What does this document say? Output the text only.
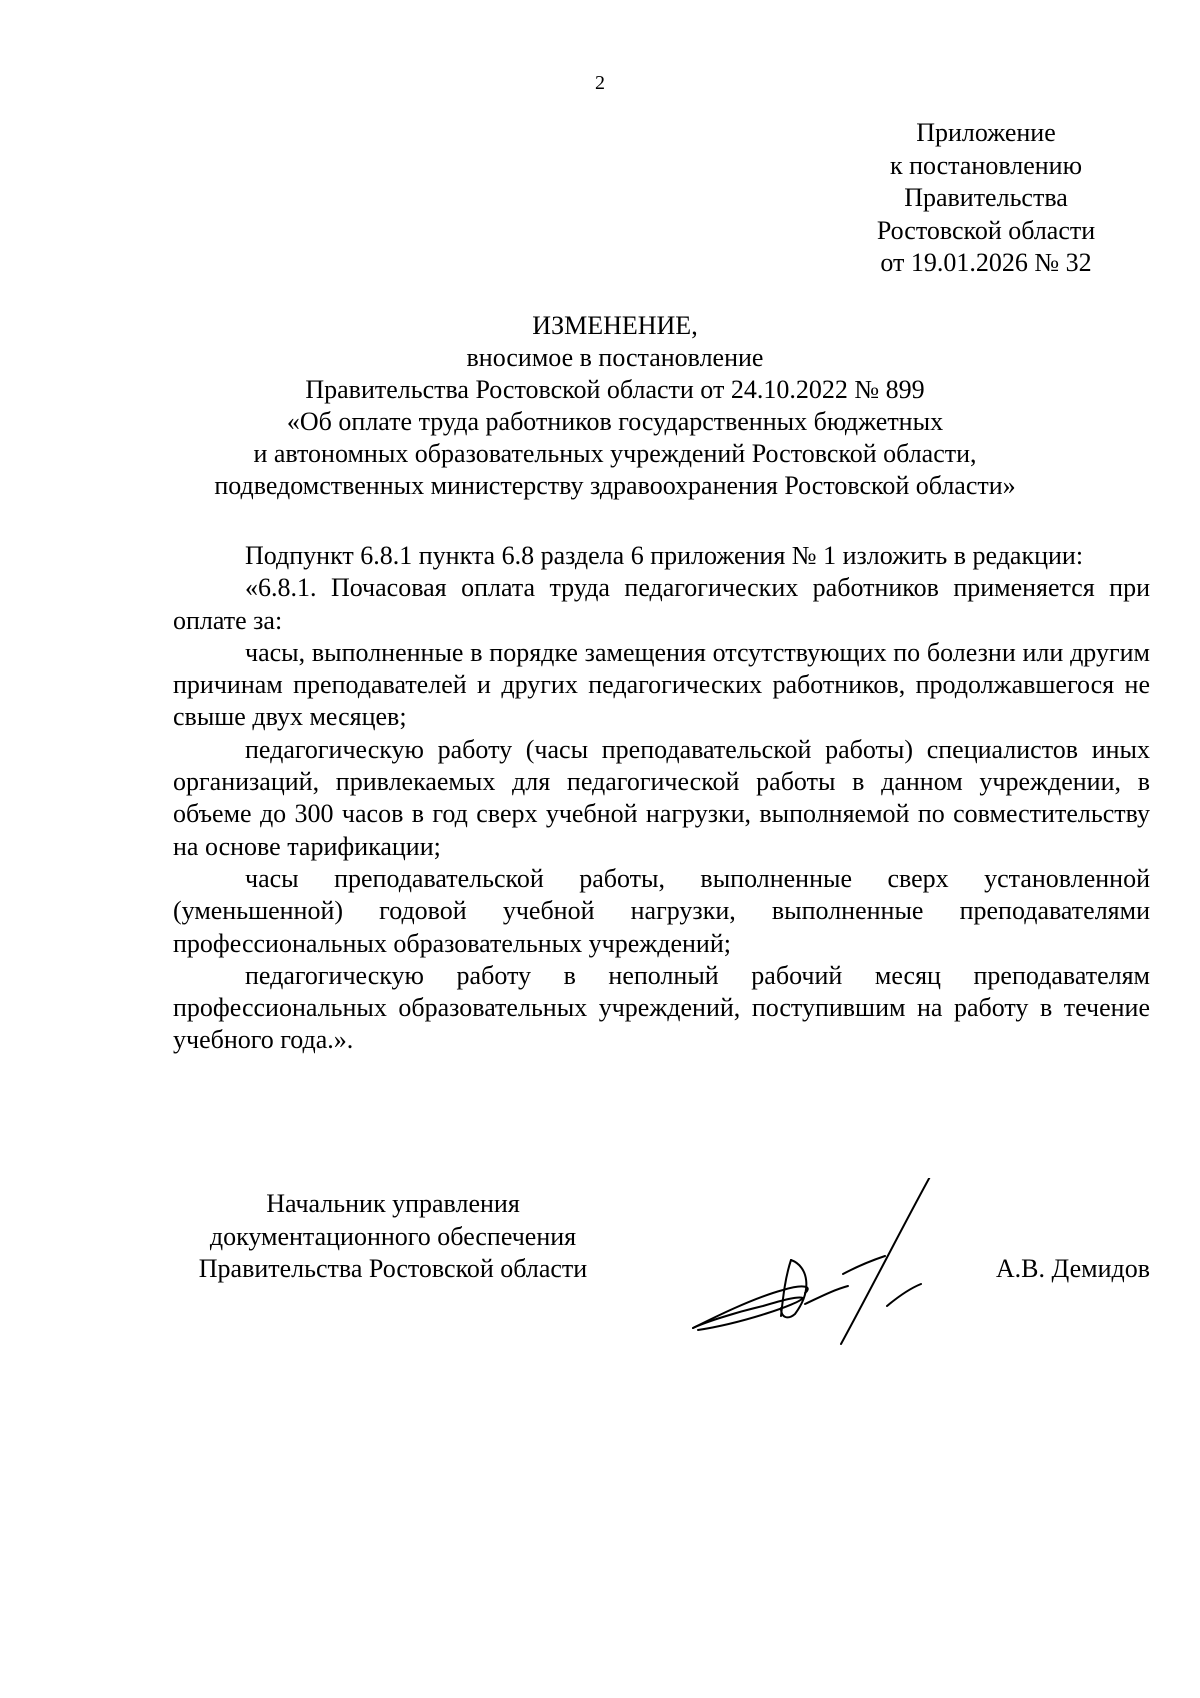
2
Приложение
к постановлению
Правительства
Ростовской области
от 19.01.2026 № 32
ИЗМЕНЕНИЕ,
вносимое в постановление
Правительства Ростовской области от 24.10.2022 № 899
«Об оплате труда работников государственных бюджетных
и автономных образовательных учреждений Ростовской области,
подведомственных министерству здравоохранения Ростовской области»

Подпункт 6.8.1 пункта 6.8 раздела 6 приложения № 1 изложить в редакции:

«6.8.1. Почасовая оплата труда педагогических работников применяется при оплате за:

часы, выполненные в порядке замещения отсутствующих по болезни или другим причинам преподавателей и других педагогических работников, продолжавшегося не свыше двух месяцев;

педагогическую работу (часы преподавательской работы) специалистов иных организаций, привлекаемых для педагогической работы в данном учреждении, в объеме до 300 часов в год сверх учебной нагрузки, выполняемой по совместительству на основе тарификации;

часы преподавательской работы, выполненные сверх установленной (уменьшенной) годовой учебной нагрузки, выполненные преподавателями профессиональных образовательных учреждений;

педагогическую работу в неполный рабочий месяц преподавателям профессиональных образовательных учреждений, поступившим на работу в течение учебного года.».

Начальник управления
документационного обеспечения
Правительства Ростовской области	А.В. Демидов
